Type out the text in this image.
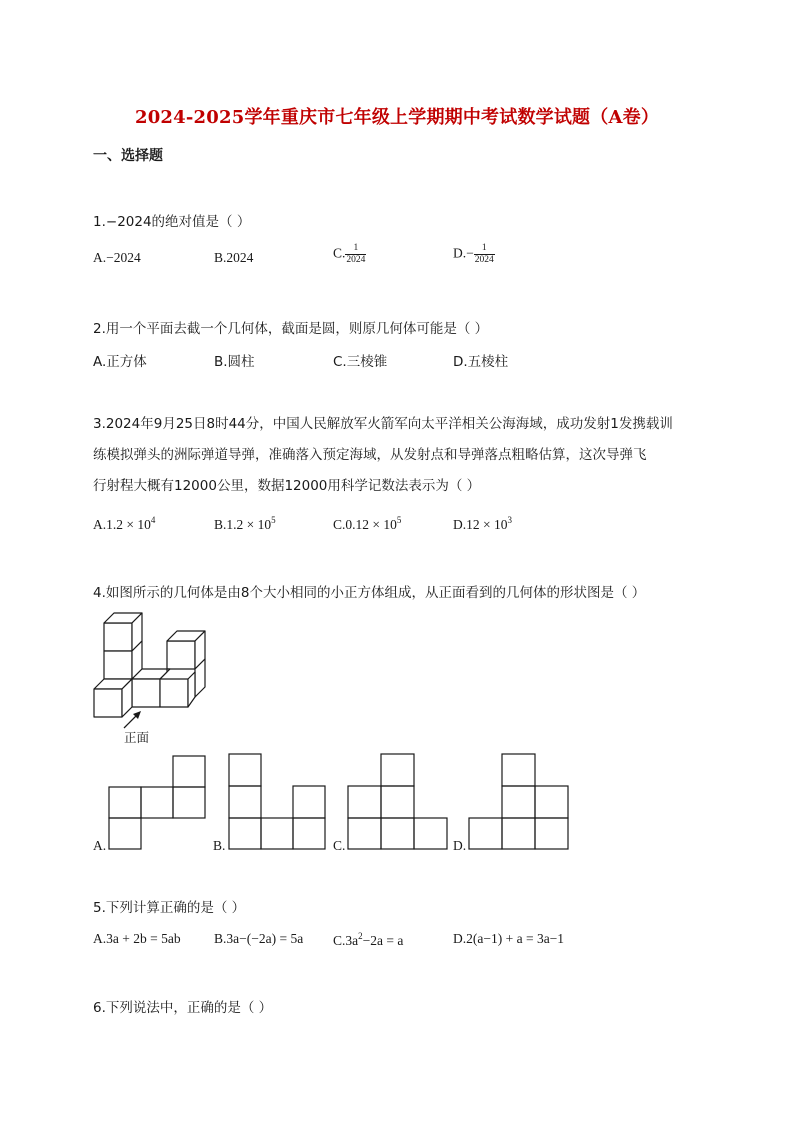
2024-2025学年重庆市七年级上学期期中考试数学试题（A卷）
一、选择题
1.−2024的绝对值是（ ）
A.−2024	B.2024	C. $\frac{1}{2024}$	$D.- \frac{1}{2024}$
2.用一个平面去截一个几何体，截面是圆，则原几何体可能是（ ）
A.正方体	B.圆柱	C.三棱锥	D.五棱柱
3.2024年9月25日8时44分，中国人民解放军火箭军向太平洋相关公海海域，成功发射1发携载训
练模拟弹头的洲际弹道导弹，准确落入预定海域，从发射点和导弹落点粗略估算，这次导弹飞
行射程大概有12000公里，数据12000用科学记数法表示为（ ）
$A.1.2 \times 10^4$	$B.1.2 \times 10^5$	$C.0.12 \times 10^5$	$D.12 \times 10^3$
4.如图所示的几何体是由8个大小相同的小正方体组成，从正面看到的几何体的形状图是（ ）
正面
A.	B.	C.	D.
5.下列计算正确的是（ ）
A.3a + 2b = 5ab B.3a−(−2a) = 5a $C.3a^2-2a = a$	D.2(a−1) + a = 3a−1
6.下列说法中，正确的是（ ）
